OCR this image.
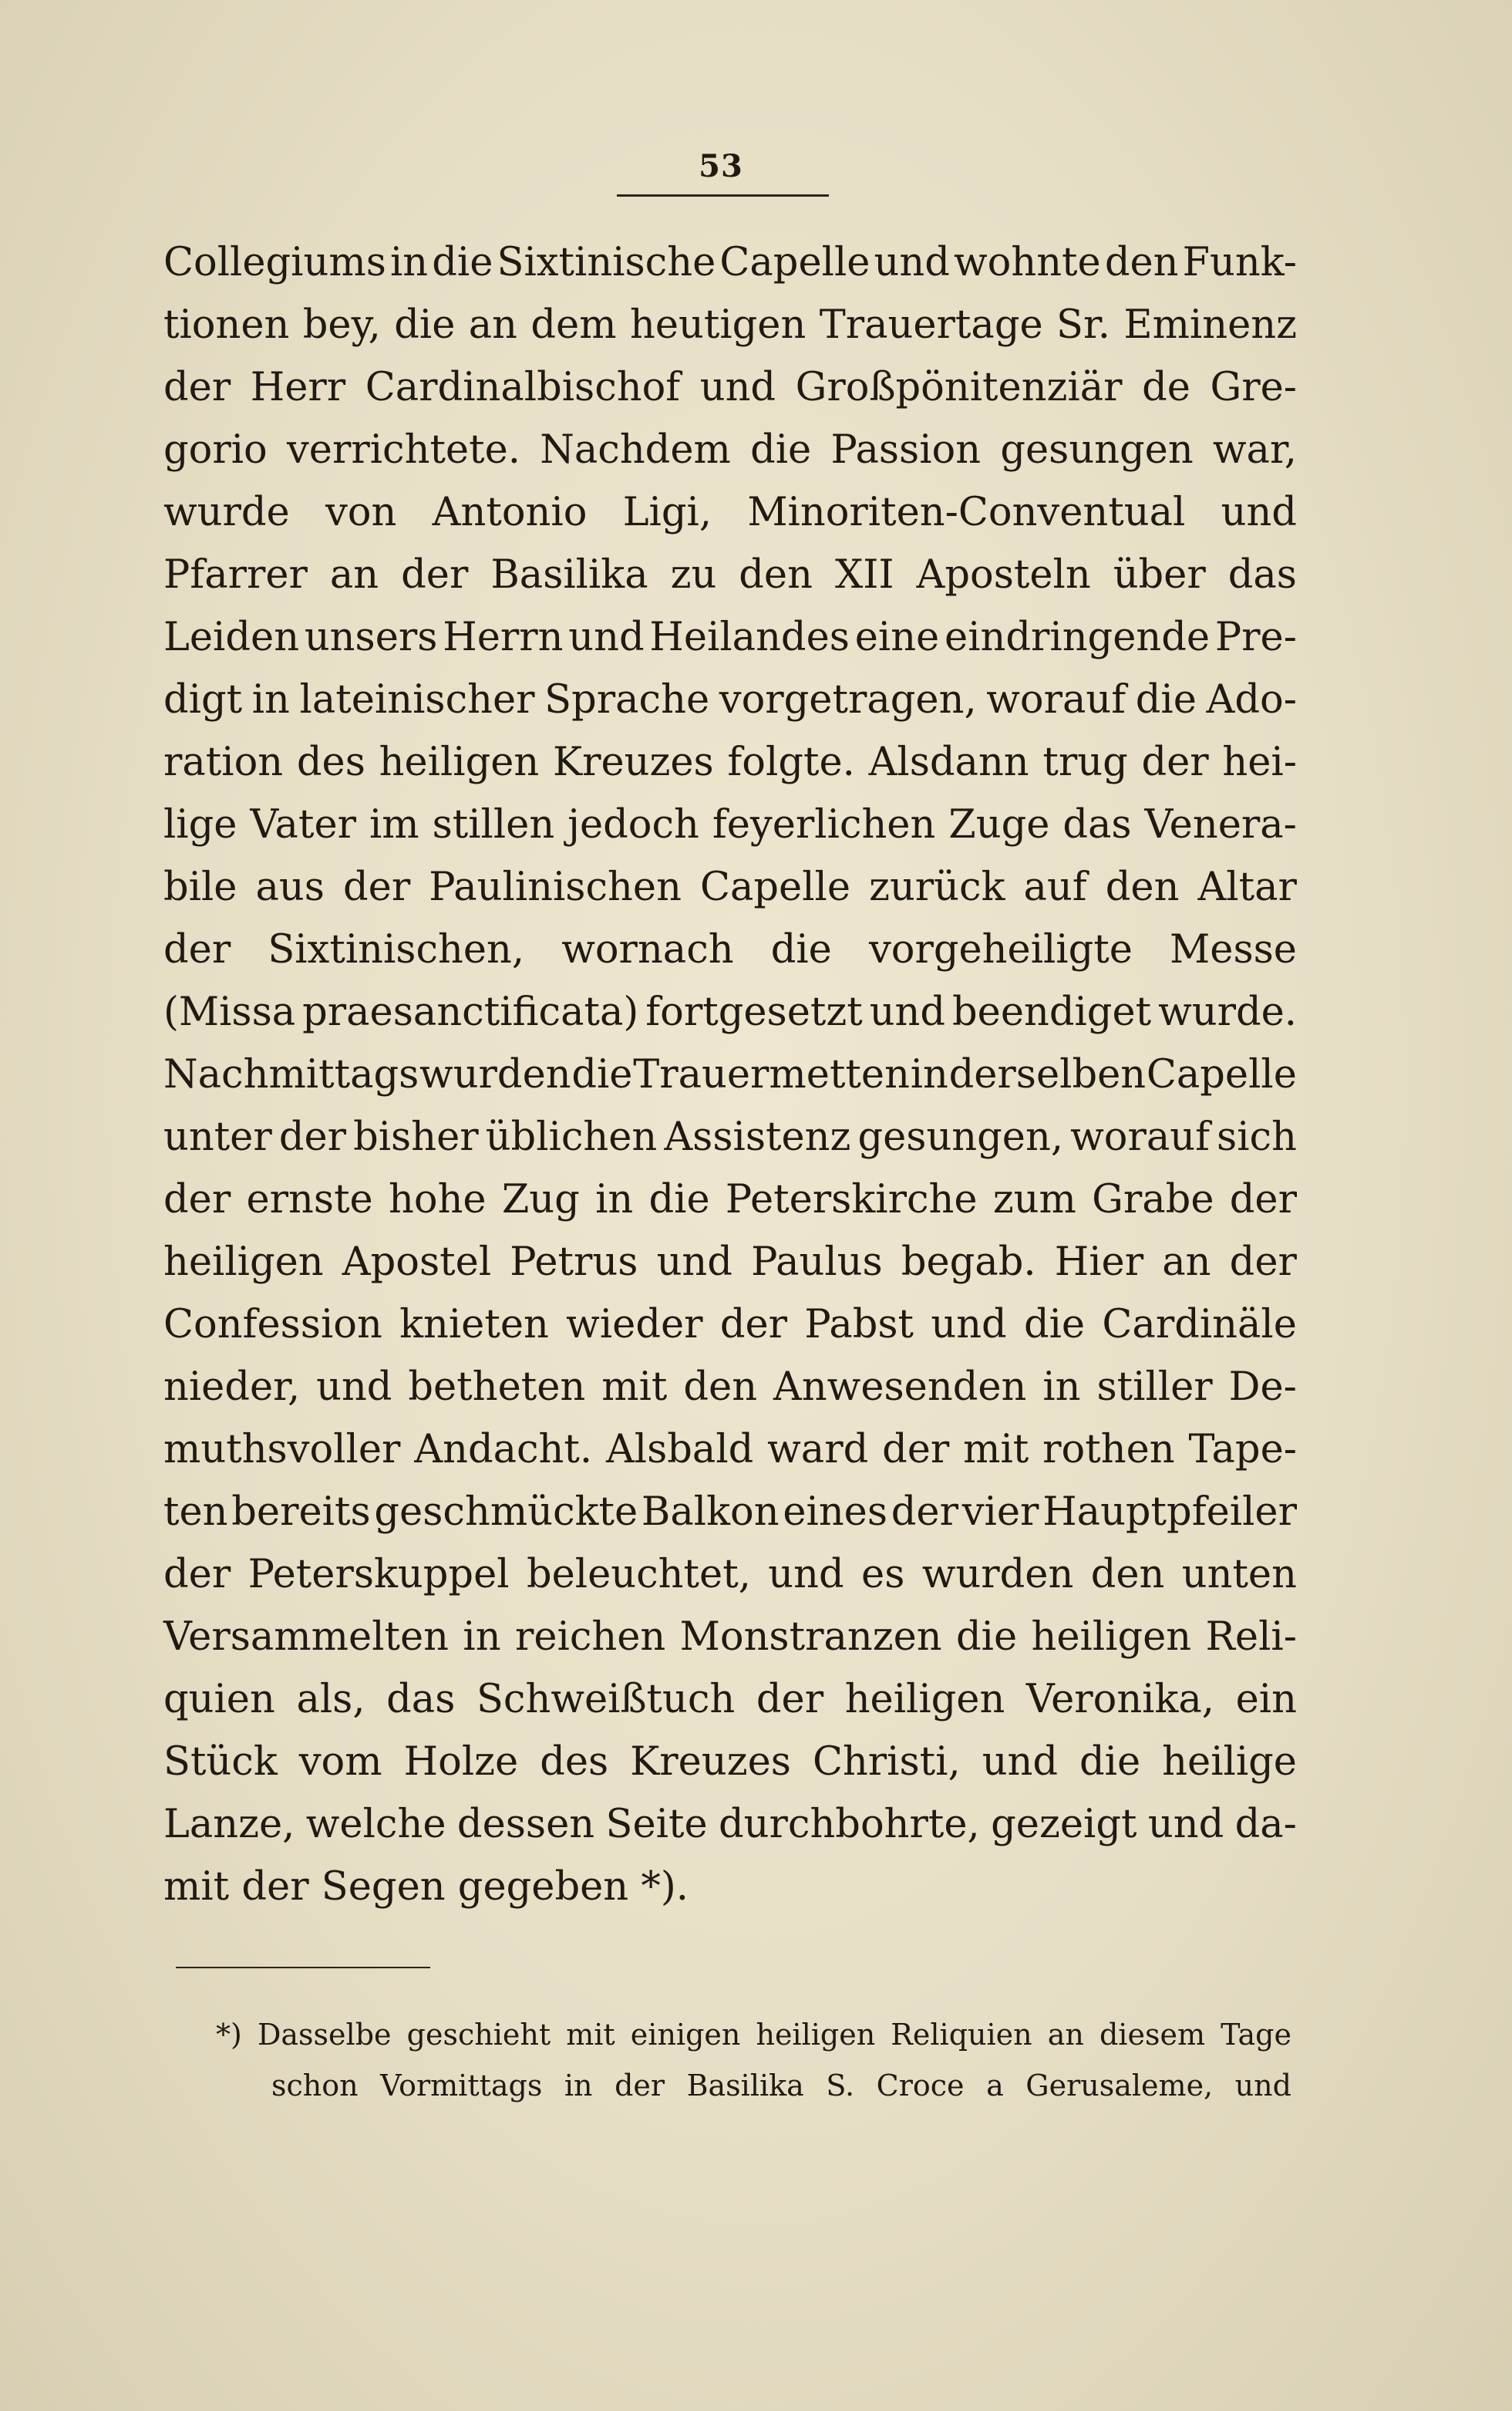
53
Collegiums in die Sixtinische Capelle und wohnte den Funk-
tionen bey, die an dem heutigen Trauertage Sr. Eminenz
der Herr Cardinalbischof und Großpönitenziär de Gre-
gorio verrichtete. Nachdem die Passion gesungen war,
wurde von Antonio Ligi, Minoriten-Conventual und
Pfarrer an der Basilika zu den XII Aposteln über das
Leiden unsers Herrn und Heilandes eine eindringende Pre-
digt in lateinischer Sprache vorgetragen, worauf die Ado-
ration des heiligen Kreuzes folgte. Alsdann trug der hei-
lige Vater im stillen jedoch feyerlichen Zuge das Venera-
bile aus der Paulinischen Capelle zurück auf den Altar
der Sixtinischen, wornach die vorgeheiligte Messe
(Missa praesanctificata) fortgesetzt und beendiget wurde.
Nachmittags wurden die Trauermetten in derselben Capelle
unter der bisher üblichen Assistenz gesungen, worauf sich
der ernste hohe Zug in die Peterskirche zum Grabe der
heiligen Apostel Petrus und Paulus begab. Hier an der
Confession knieten wieder der Pabst und die Cardinäle
nieder, und betheten mit den Anwesenden in stiller De-
muthsvoller Andacht. Alsbald ward der mit rothen Tape-
ten bereits geschmückte Balkon eines der vier Hauptpfeiler
der Peterskuppel beleuchtet, und es wurden den unten
Versammelten in reichen Monstranzen die heiligen Reli-
quien als, das Schweißtuch der heiligen Veronika, ein
Stück vom Holze des Kreuzes Christi, und die heilige
Lanze, welche dessen Seite durchbohrte, gezeigt und da-
mit der Segen gegeben *).
*) Dasselbe geschieht mit einigen heiligen Reliquien an diesem Tage
schon Vormittags in der Basilika S. Croce a Gerusaleme, und
